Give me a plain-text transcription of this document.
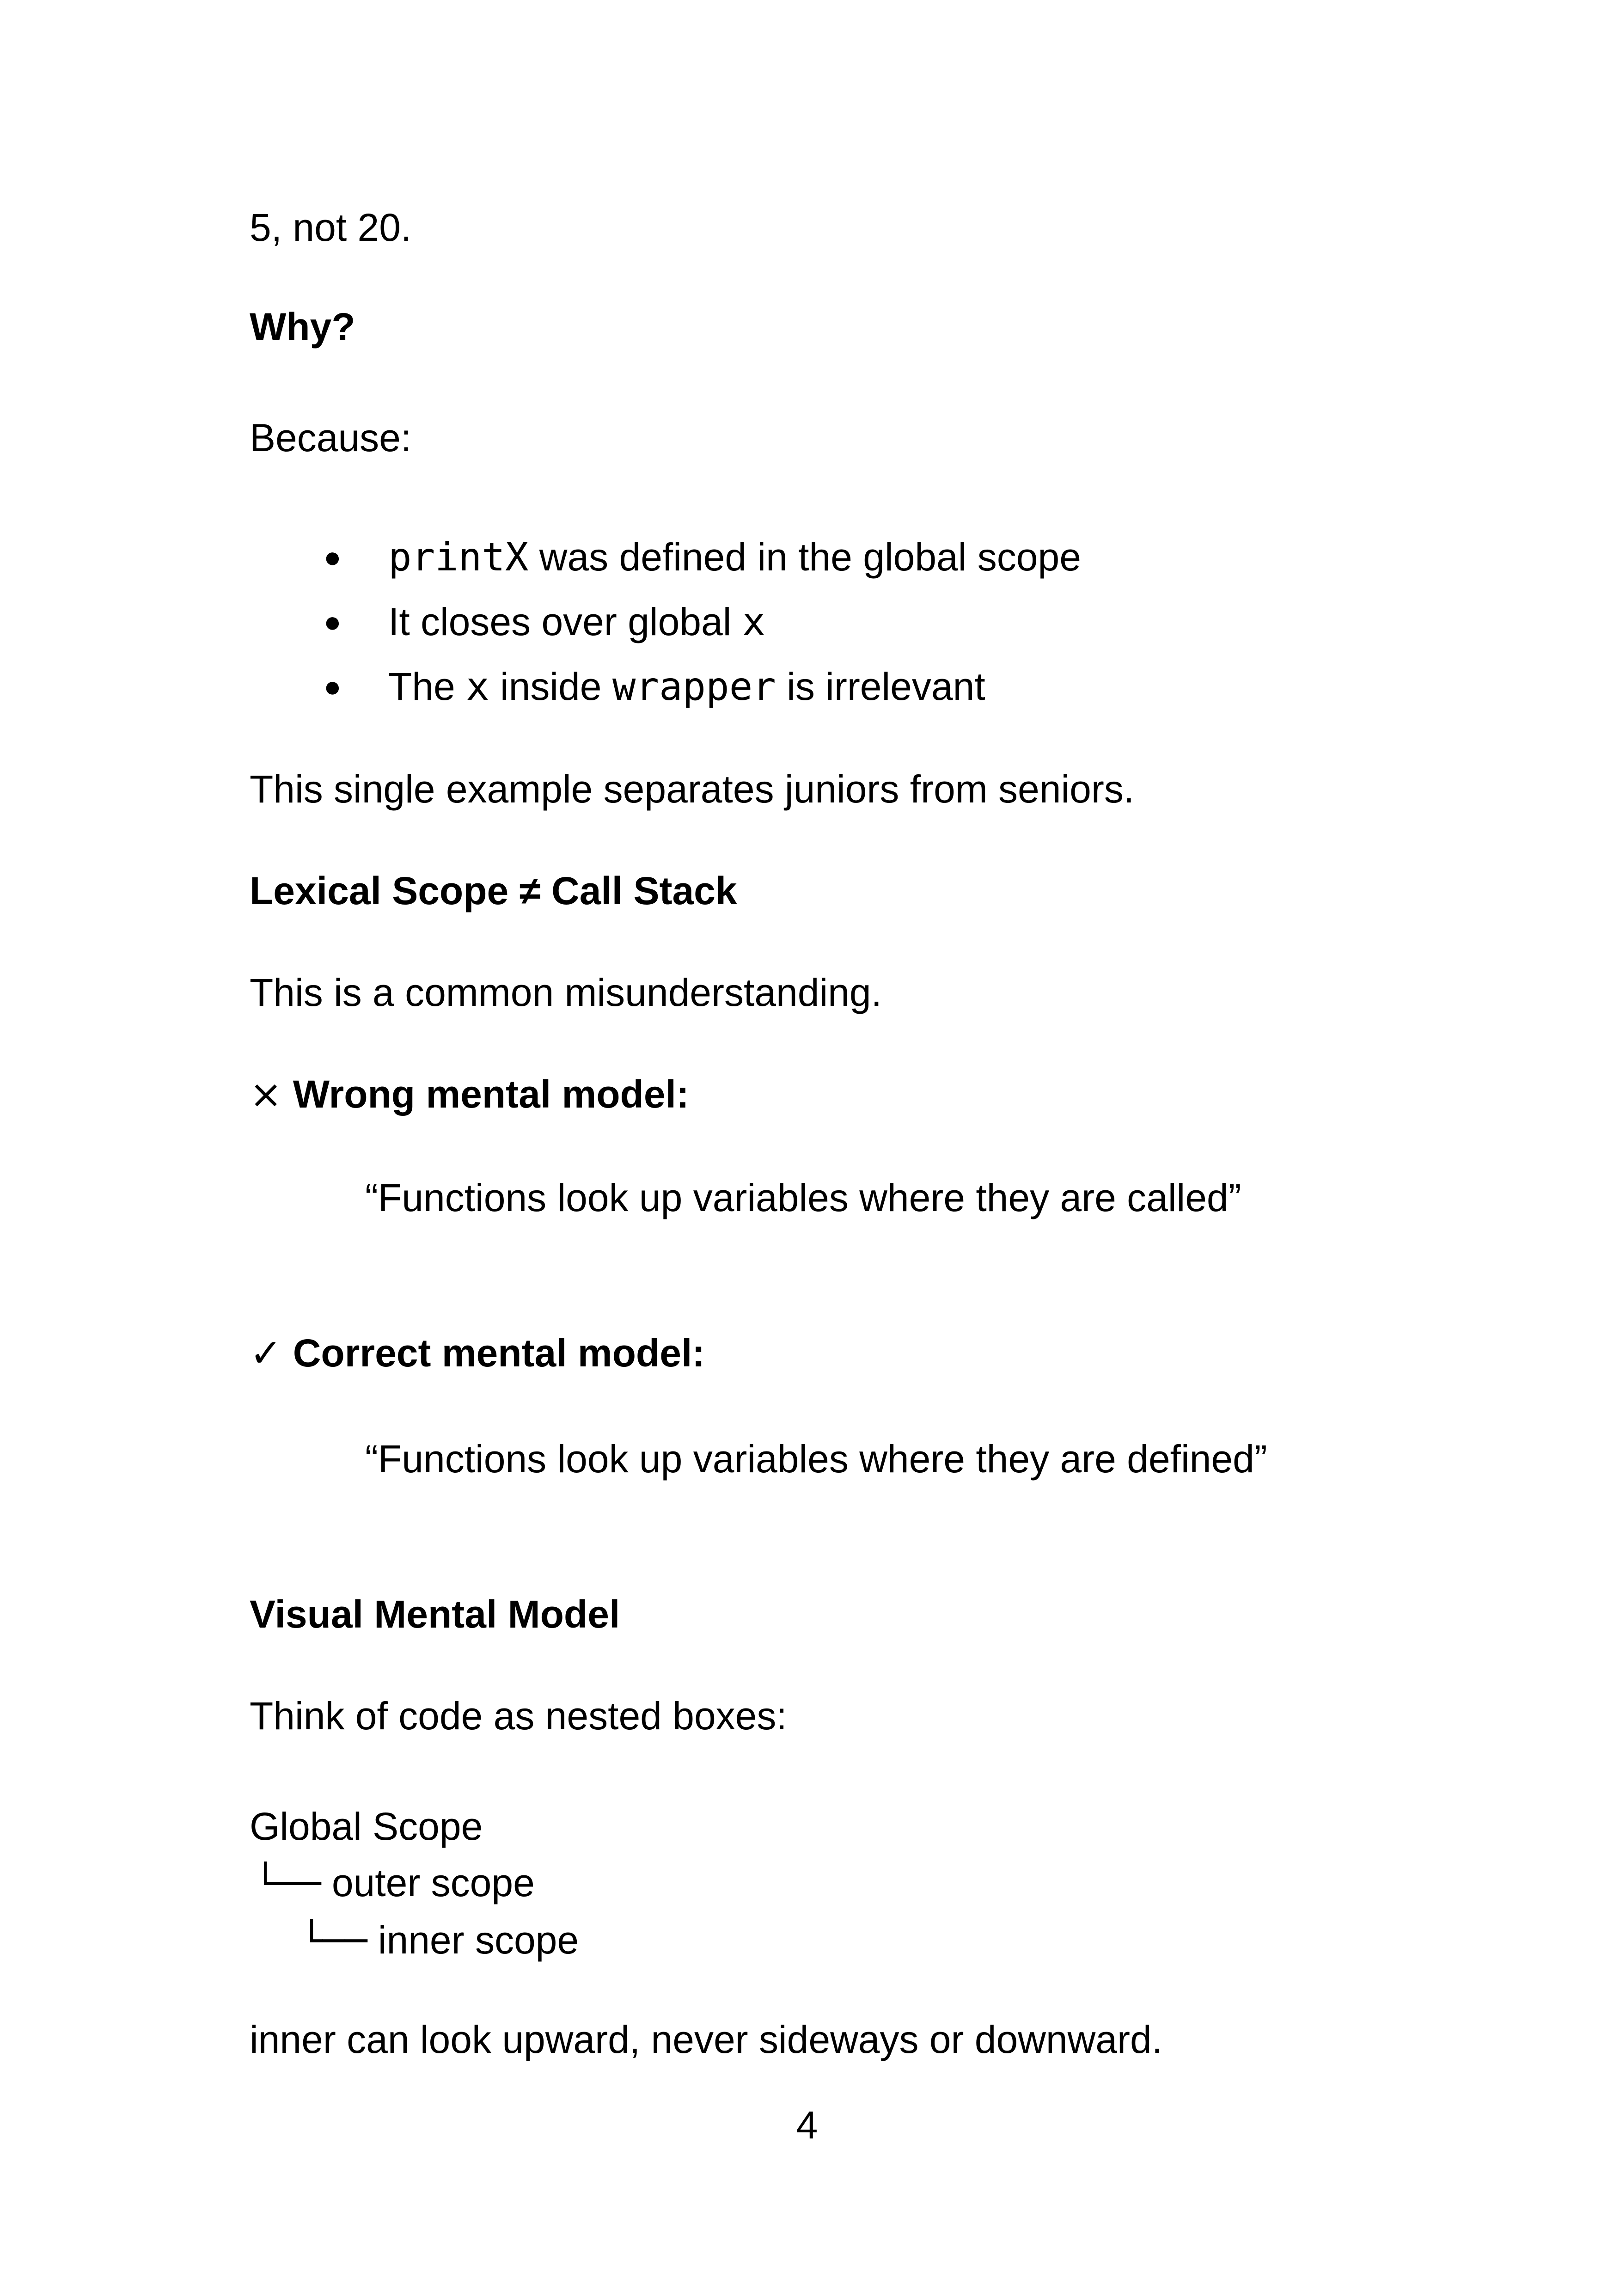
5, not 20.

Why?

Because:

● printX was defined in the global scope
● It closes over global x
● The x inside wrapper is irrelevant

This single example separates juniors from seniors.

Lexical Scope ≠ Call Stack

This is a common misunderstanding.

× Wrong mental model:

“Functions look up variables where they are called”

✓ Correct mental model:

“Functions look up variables where they are defined”

Visual Mental Model

Think of code as nested boxes:

Global Scope
└── outer scope
└── inner scope

inner can look upward, never sideways or downward.

4
